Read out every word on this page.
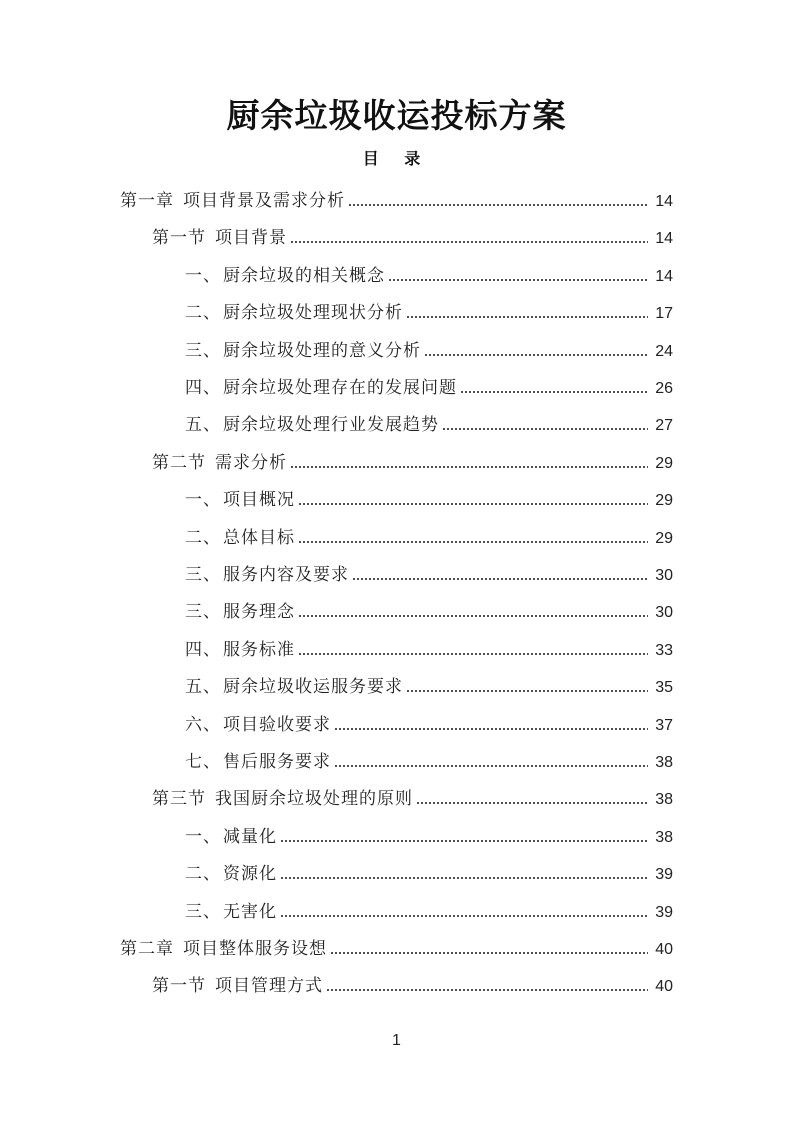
厨余垃圾收运投标方案
目 录
第一章 项目背景及需求分析	14
第一节 项目背景	14
一、 厨余垃圾的相关概念	14
二、 厨余垃圾处理现状分析	17
三、 厨余垃圾处理的意义分析	24
四、 厨余垃圾处理存在的发展问题	26
五、 厨余垃圾处理行业发展趋势	27
第二节 需求分析	29
一、 项目概况	29
二、 总体目标	29
三、 服务内容及要求	30
三、 服务理念	30
四、 服务标准	33
五、 厨余垃圾收运服务要求	35
六、 项目验收要求	37
七、 售后服务要求	38
第三节 我国厨余垃圾处理的原则	38
一、 减量化	38
二、 资源化	39
三、 无害化	39
第二章 项目整体服务设想	40
第一节 项目管理方式	40
1
